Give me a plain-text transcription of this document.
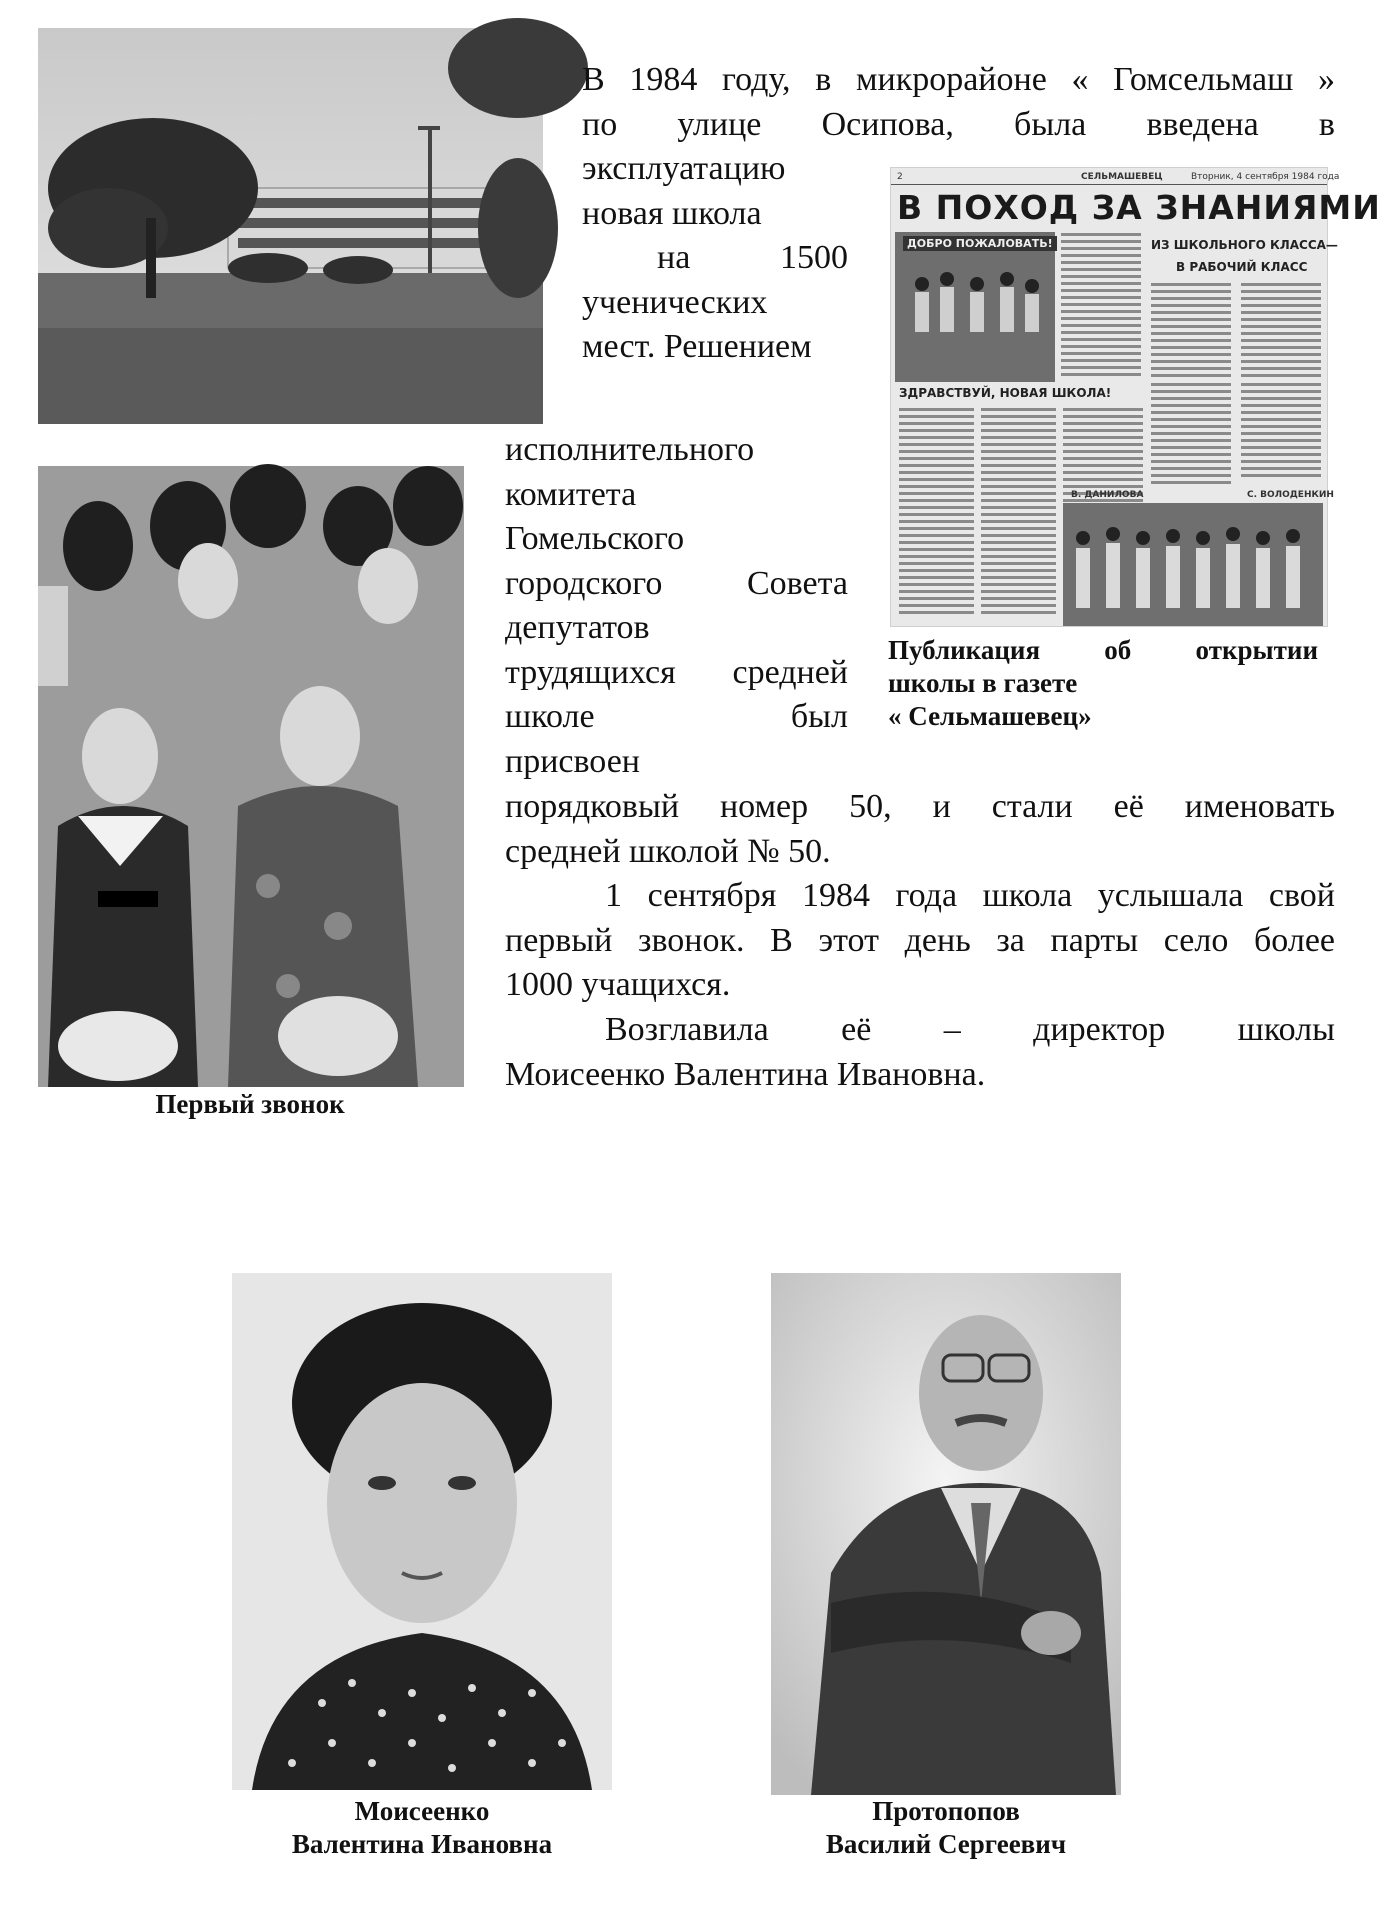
Первый звонок
2	СЕЛЬМАШЕВЕЦ	Вторник, 4 сентября 1984 года
В ПОХОД ЗА ЗНАНИЯМИ
ДОБРО ПОЖАЛОВАТЬ!
ЗДРАВСТВУЙ, НОВАЯ ШКОЛА!
ИЗ ШКОЛЬНОГО КЛАССА—
В РАБОЧИЙ КЛАСС
В. ДАНИЛОВА	С. ВОЛОДЕНКИН
Публикация об открытии
школы в газете
« Сельмашевец»
В 1984 году, в микрорайоне « Гомсельмаш »
по улице Осипова, была введена в
эксплуатацию
новая школа
на 1500
ученических
мест. Решением
исполнительного
комитета
Гомельского
городского Совета
депутатов
трудящихся средней
школе был
присвоен
порядковый номер 50, и стали её именовать
средней школой № 50.
1 сентября 1984 года школа услышала свой
первый звонок. В этот день за парты село более
1000 учащихся.
Возглавила её – директор школы
Моисеенко Валентина Ивановна.
Моисеенко
Валентина Ивановна
Протопопов
Василий Сергеевич
